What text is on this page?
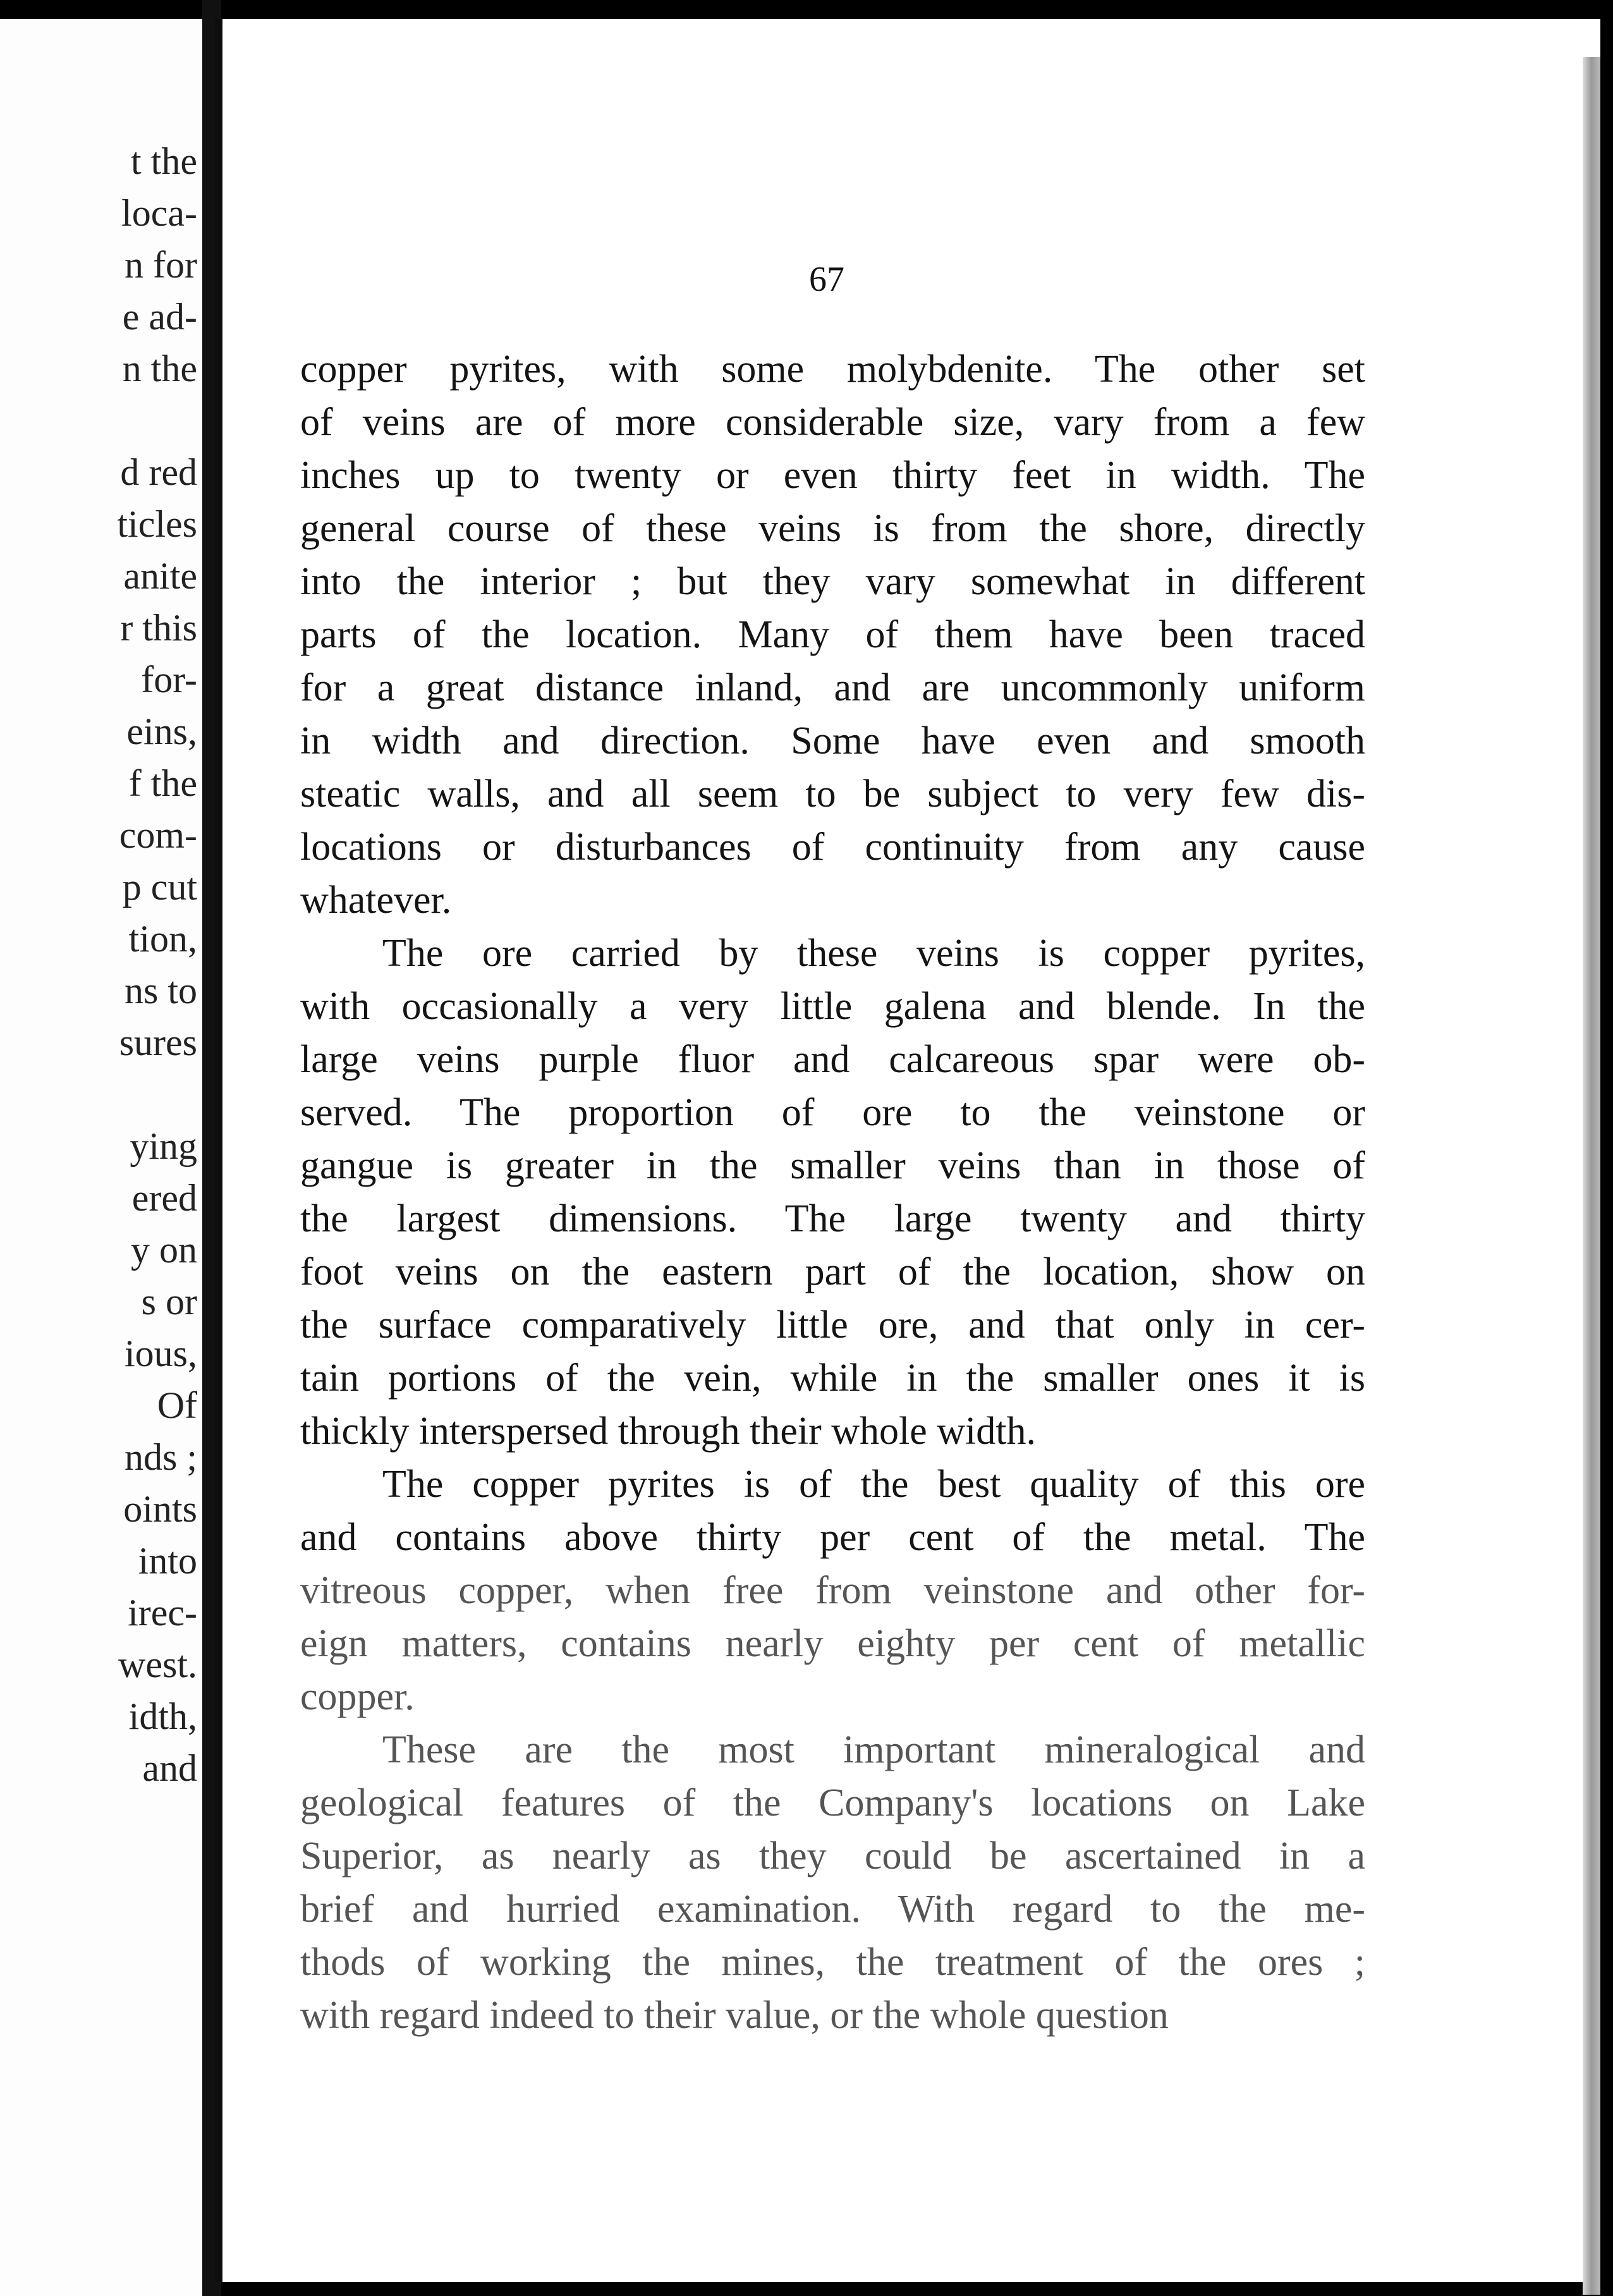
t the
loca-
n for
e ad-
n the
d red
ticles
anite
r this
for-
eins,
f the
com-
p cut
tion,
ns to
sures
ying
ered
y on
s or
ious,
Of
nds ;
oints
into
irec-
west.
idth,
and
67
copper pyrites, with some molybdenite. The other set
of veins are of more considerable size, vary from a few
inches up to twenty or even thirty feet in width. The
general course of these veins is from the shore, directly
into the interior ; but they vary somewhat in different
parts of the location. Many of them have been traced
for a great distance inland, and are uncommonly uniform
in width and direction. Some have even and smooth
steatic walls, and all seem to be subject to very few dis-
locations or disturbances of continuity from any cause
whatever.
The ore carried by these veins is copper pyrites,
with occasionally a very little galena and blende. In the
large veins purple fluor and calcareous spar were ob-
served. The proportion of ore to the veinstone or
gangue is greater in the smaller veins than in those of
the largest dimensions. The large twenty and thirty
foot veins on the eastern part of the location, show on
the surface comparatively little ore, and that only in cer-
tain portions of the vein, while in the smaller ones it is
thickly interspersed through their whole width.
The copper pyrites is of the best quality of this ore
and contains above thirty per cent of the metal. The
vitreous copper, when free from veinstone and other for-
eign matters, contains nearly eighty per cent of metallic
copper.
These are the most important mineralogical and
geological features of the Company's locations on Lake
Superior, as nearly as they could be ascertained in a
brief and hurried examination. With regard to the me-
thods of working the mines, the treatment of the ores ;
with regard indeed to their value, or the whole question
